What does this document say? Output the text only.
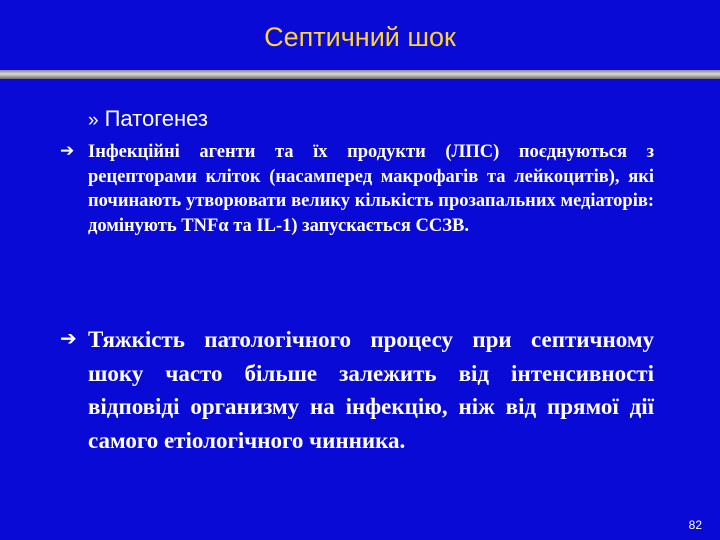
Септичний шок
» Патогенез
➔ Інфекційні агенти та їх продукти (ЛПС) поєднуються з рецепторами кліток (насамперед макрофагів та лейкоцитів), які починають утворювати велику кількість прозапальних медіаторів: домінують TNFα та IL-1) запускається ССЗВ.
➔ Тяжкість патологічного процесу при септичному шоку часто більше залежить від інтенсивності відповіді организму на інфекцію, ніж від прямої дії самого етіологічного чинника.
82
